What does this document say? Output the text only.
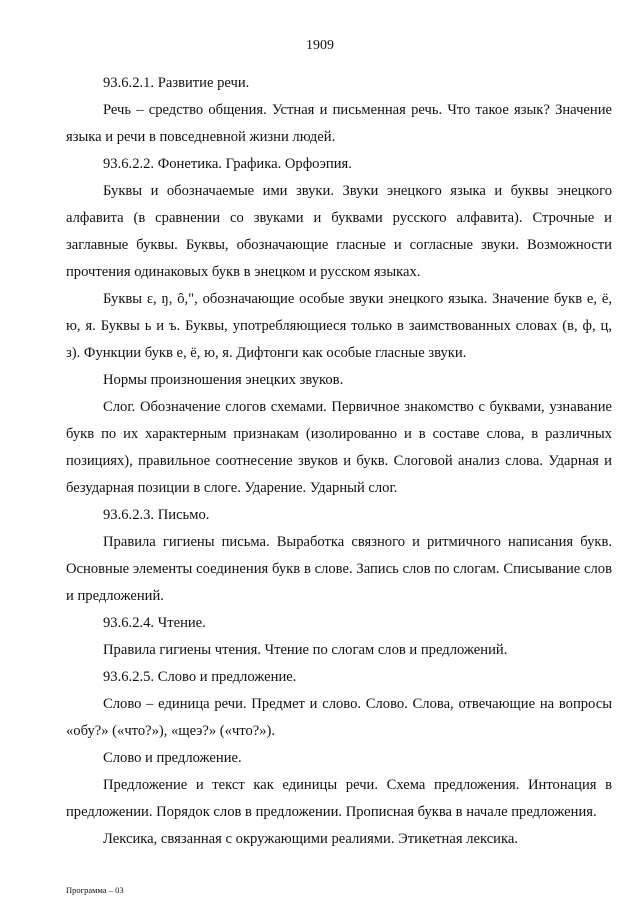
1909

93.6.2.1. Развитие речи.

Речь – средство общения. Устная и письменная речь. Что такое язык? Значение языка и речи в повседневной жизни людей.

93.6.2.2. Фонетика. Графика. Орфоэпия.

Буквы и обозначаемые ими звуки. Звуки энецкого языка и буквы энецкого алфавита (в сравнении со звуками и буквами русского алфавита). Строчные и заглавные буквы. Буквы, обозначающие гласные и согласные звуки. Возможности прочтения одинаковых букв в энецком и русском языках.

Буквы ɛ, ŋ, ȏ,", обозначающие особые звуки энецкого языка. Значение букв е, ё, ю, я. Буквы ь и ъ. Буквы, употребляющиеся только в заимствованных словах (в, ф, ц, з). Функции букв е, ё, ю, я. Дифтонги как особые гласные звуки.

Нормы произношения энецких звуков.

Слог. Обозначение слогов схемами. Первичное знакомство с буквами, узнавание букв по их характерным признакам (изолированно и в составе слова, в различных позициях), правильное соотнесение звуков и букв. Слоговой анализ слова. Ударная и безударная позиции в слоге. Ударение. Ударный слог.

93.6.2.3. Письмо.

Правила гигиены письма. Выработка связного и ритмичного написания букв. Основные элементы соединения букв в слове. Запись слов по слогам. Списывание слов и предложений.

93.6.2.4. Чтение.

Правила гигиены чтения. Чтение по слогам слов и предложений.

93.6.2.5. Слово и предложение.

Слово – единица речи. Предмет и слово. Слово. Слова, отвечающие на вопросы «обу?» («что?»), «щеэ?» («что?»).

Слово и предложение.

Предложение и текст как единицы речи. Схема предложения. Интонация в предложении. Порядок слов в предложении. Прописная буква в начале предложения.

Лексика, связанная с окружающими реалиями. Этикетная лексика.

Программа – 03
